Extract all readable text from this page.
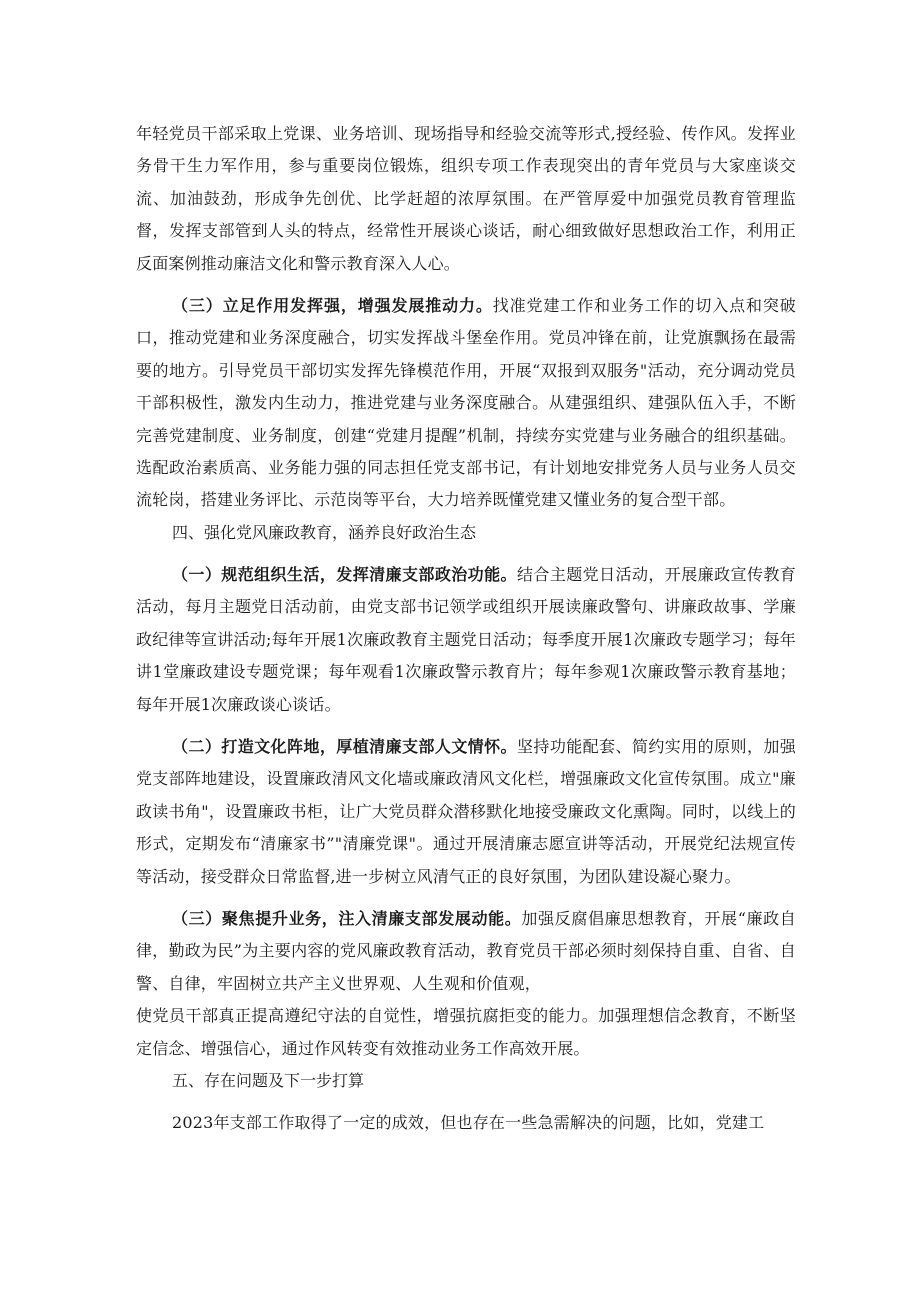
年轻党员干部采取上党课、业务培训、现场指导和经验交流等形式,授经验、传作风。发挥业务骨干生力军作用，参与重要岗位锻炼，组织专项工作表现突出的青年党员与大家座谈交流、加油鼓劲，形成争先创优、比学赶超的浓厚氛围。在严管厚爱中加强党员教育管理监督，发挥支部管到人头的特点，经常性开展谈心谈话，耐心细致做好思想政治工作，利用正反面案例推动廉洁文化和警示教育深入人心。

（三）立足作用发挥强，增强发展推动力。找准党建工作和业务工作的切入点和突破口，推动党建和业务深度融合，切实发挥战斗堡垒作用。党员冲锋在前，让党旗飘扬在最需要的地方。引导党员干部切实发挥先锋模范作用，开展“双报到双服务"活动，充分调动党员干部积极性，激发内生动力，推进党建与业务深度融合。从建强组织、建强队伍入手，不断完善党建制度、业务制度，创建“党建月提醒”机制，持续夯实党建与业务融合的组织基础。选配政治素质高、业务能力强的同志担任党支部书记，有计划地安排党务人员与业务人员交流轮岗，搭建业务评比、示范岗等平台，大力培养既懂党建又懂业务的复合型干部。

四、强化党风廉政教育，涵养良好政治生态

（一）规范组织生活，发挥清廉支部政治功能。结合主题党日活动，开展廉政宣传教育活动，每月主题党日活动前，由党支部书记领学或组织开展读廉政警句、讲廉政故事、学廉政纪律等宣讲活动;每年开展1次廉政教育主题党日活动；每季度开展1次廉政专题学习；每年讲1堂廉政建设专题党课；每年观看1次廉政警示教育片；每年参观1次廉政警示教育基地；每年开展1次廉政谈心谈话。

（二）打造文化阵地，厚植清廉支部人文情怀。坚持功能配套、简约实用的原则，加强党支部阵地建设，设置廉政清风文化墙或廉政清风文化栏，增强廉政文化宣传氛围。成立"廉政读书角"，设置廉政书柜，让广大党员群众潜移默化地接受廉政文化熏陶。同时，以线上的形式，定期发布“清廉家书”"清廉党课"。通过开展清廉志愿宣讲等活动，开展党纪法规宣传等活动，接受群众日常监督,进一步树立风清气正的良好氛围，为团队建设凝心聚力。

（三）聚焦提升业务，注入清廉支部发展动能。加强反腐倡廉思想教育，开展“廉政自律，勤政为民”为主要内容的党风廉政教育活动，教育党员干部必须时刻保持自重、自省、自警、自律，牢固树立共产主义世界观、人生观和价值观，

使党员干部真正提高遵纪守法的自觉性，增强抗腐拒变的能力。加强理想信念教育，不断坚定信念、增强信心，通过作风转变有效推动业务工作高效开展。

五、存在问题及下一步打算

2023年支部工作取得了一定的成效，但也存在一些急需解决的问题，比如，党建工
